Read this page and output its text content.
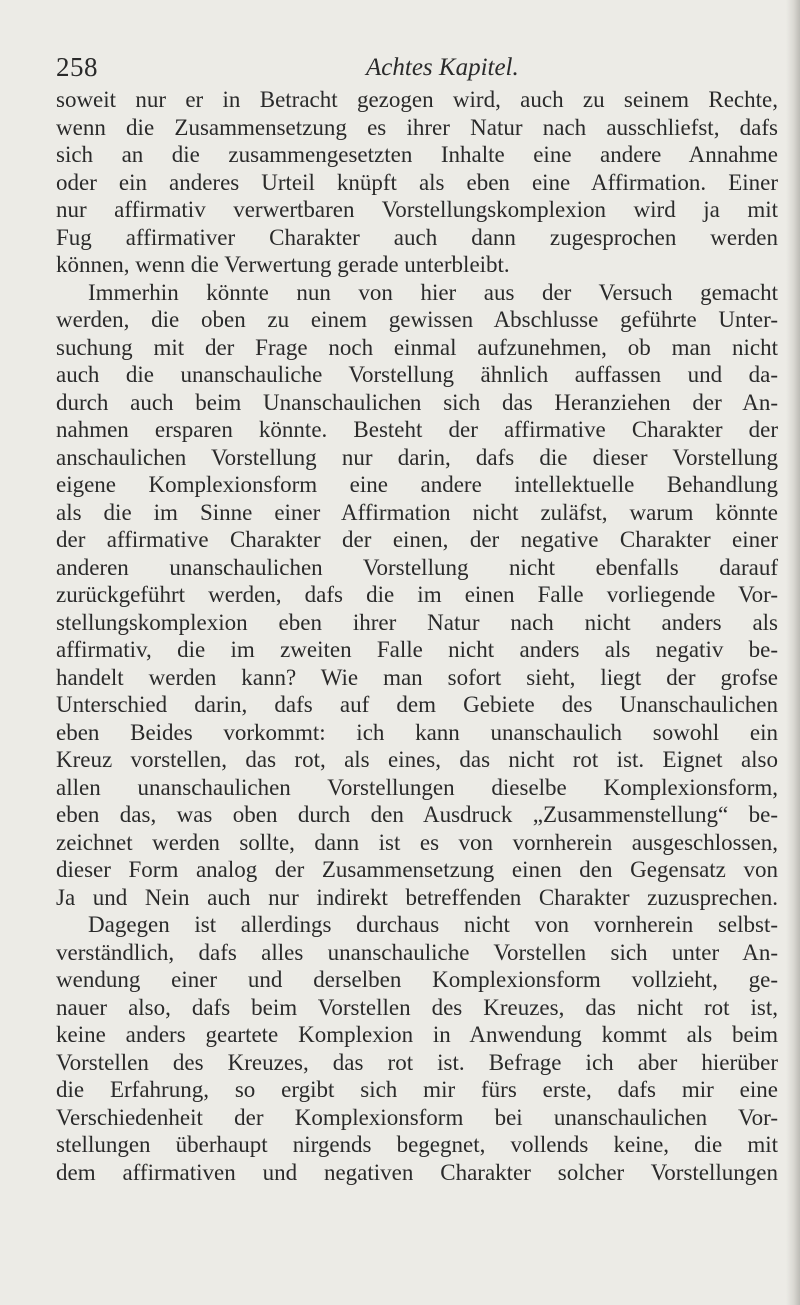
258	Achtes Kapitel.
soweit nur er in Betracht gezogen wird, auch zu seinem Rechte,
wenn die Zusammensetzung es ihrer Natur nach ausschliefst, dafs
sich an die zusammengesetzten Inhalte eine andere Annahme
oder ein anderes Urteil knüpft als eben eine Affirmation. Einer
nur affirmativ verwertbaren Vorstellungskomplexion wird ja mit
Fug affirmativer Charakter auch dann zugesprochen werden
können, wenn die Verwertung gerade unterbleibt.
Immerhin könnte nun von hier aus der Versuch gemacht
werden, die oben zu einem gewissen Abschlusse geführte Unter-
suchung mit der Frage noch einmal aufzunehmen, ob man nicht
auch die unanschauliche Vorstellung ähnlich auffassen und da-
durch auch beim Unanschaulichen sich das Heranziehen der An-
nahmen ersparen könnte. Besteht der affirmative Charakter der
anschaulichen Vorstellung nur darin, dafs die dieser Vorstellung
eigene Komplexionsform eine andere intellektuelle Behandlung
als die im Sinne einer Affirmation nicht zuläfst, warum könnte
der affirmative Charakter der einen, der negative Charakter einer
anderen unanschaulichen Vorstellung nicht ebenfalls darauf
zurückgeführt werden, dafs die im einen Falle vorliegende Vor-
stellungskomplexion eben ihrer Natur nach nicht anders als
affirmativ, die im zweiten Falle nicht anders als negativ be-
handelt werden kann? Wie man sofort sieht, liegt der grofse
Unterschied darin, dafs auf dem Gebiete des Unanschaulichen
eben Beides vorkommt: ich kann unanschaulich sowohl ein
Kreuz vorstellen, das rot, als eines, das nicht rot ist. Eignet also
allen unanschaulichen Vorstellungen dieselbe Komplexionsform,
eben das, was oben durch den Ausdruck „Zusammenstellung“ be-
zeichnet werden sollte, dann ist es von vornherein ausgeschlossen,
dieser Form analog der Zusammensetzung einen den Gegensatz von
Ja und Nein auch nur indirekt betreffenden Charakter zuzusprechen.
Dagegen ist allerdings durchaus nicht von vornherein selbst-
verständlich, dafs alles unanschauliche Vorstellen sich unter An-
wendung einer und derselben Komplexionsform vollzieht, ge-
nauer also, dafs beim Vorstellen des Kreuzes, das nicht rot ist,
keine anders geartete Komplexion in Anwendung kommt als beim
Vorstellen des Kreuzes, das rot ist. Befrage ich aber hierüber
die Erfahrung, so ergibt sich mir fürs erste, dafs mir eine
Verschiedenheit der Komplexionsform bei unanschaulichen Vor-
stellungen überhaupt nirgends begegnet, vollends keine, die mit
dem affirmativen und negativen Charakter solcher Vorstellungen
